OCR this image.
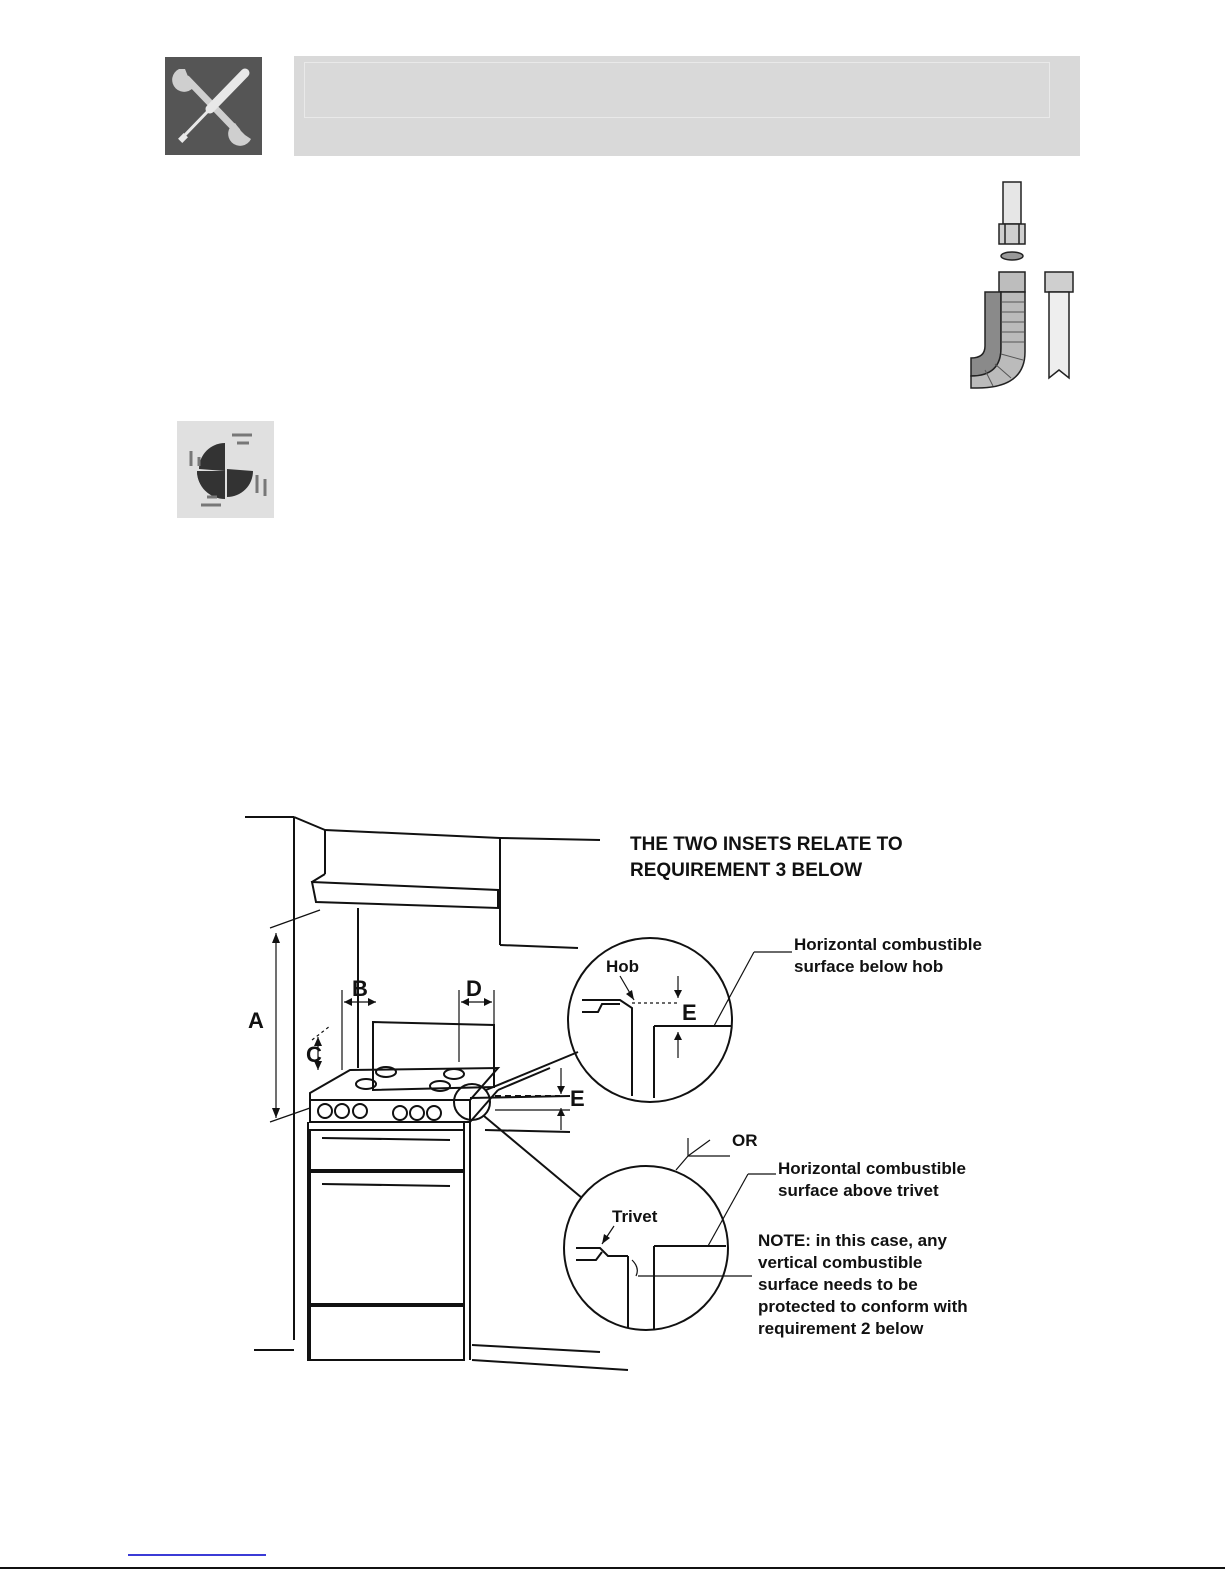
THE TWO INSETS RELATE TO
REQUIREMENT 3 BELOW
A
B
C
D
E
E
Hob
Horizontal combustible
surface below hob
OR
Trivet
Horizontal combustible
surface above trivet
NOTE: in this case, any
vertical combustible
surface needs to be
protected to conform with
requirement 2 below
